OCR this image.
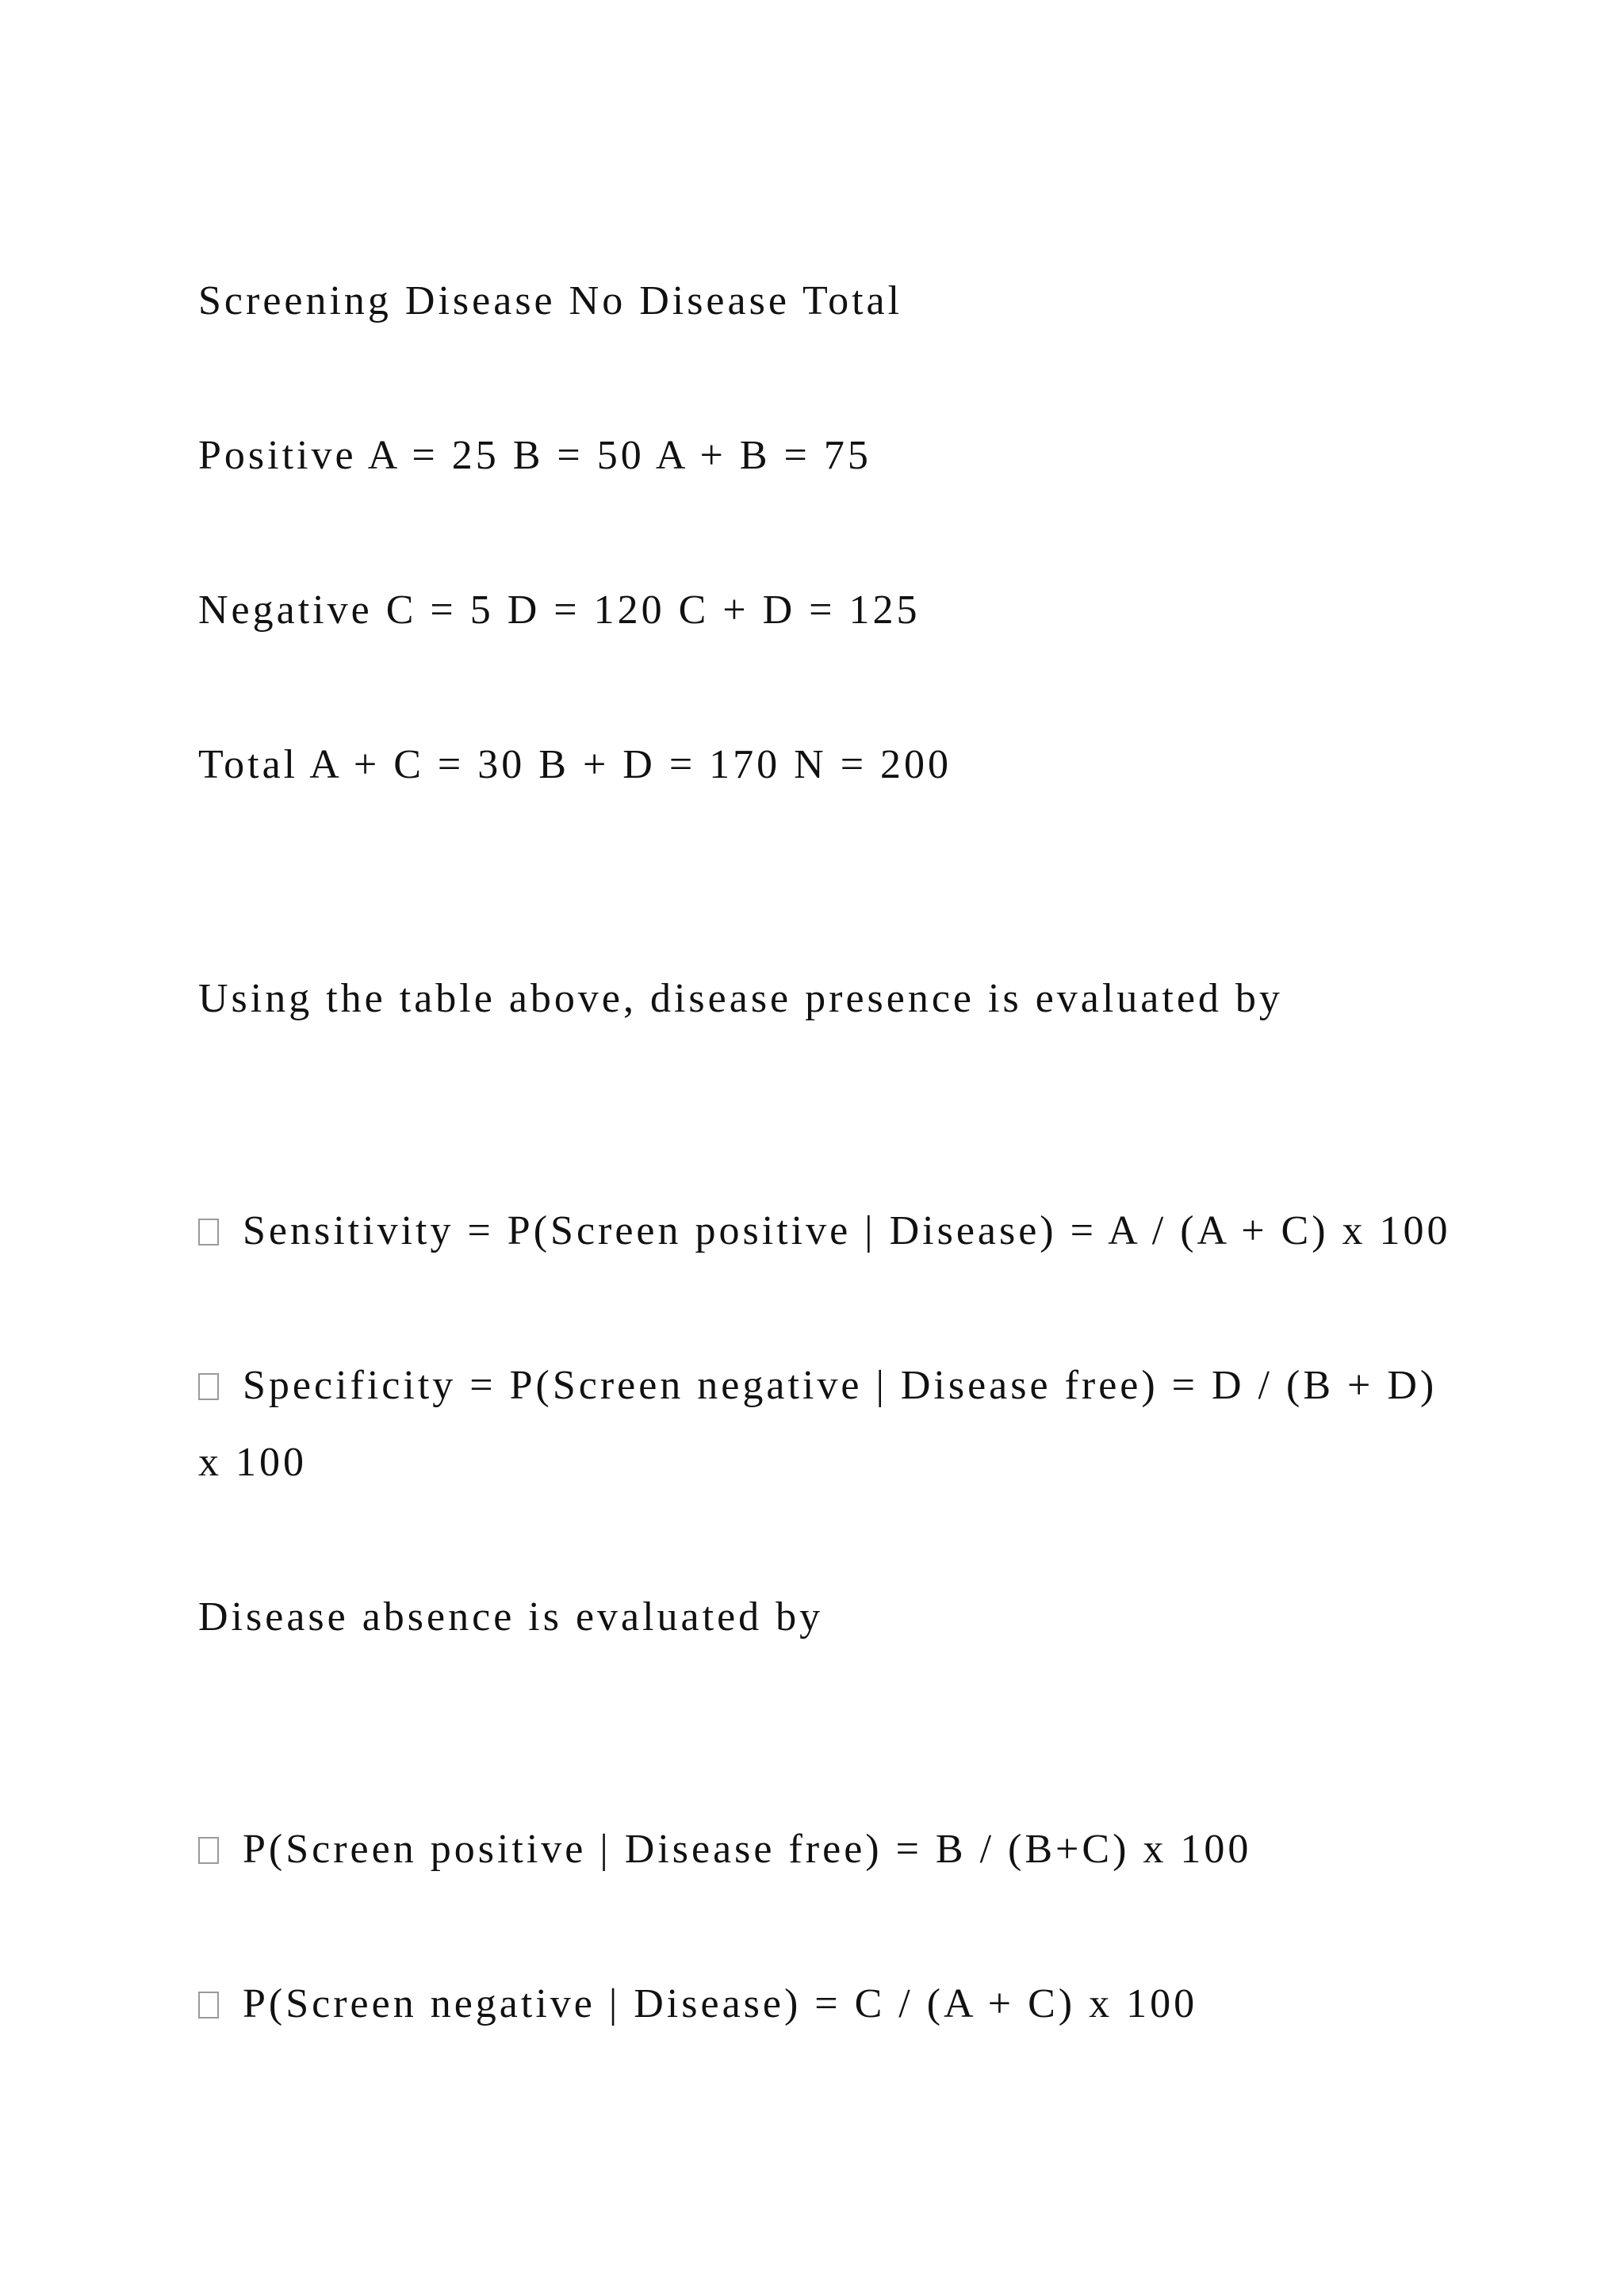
Screening Disease No Disease Total
Positive A = 25 B = 50 A + B = 75
Negative C = 5 D = 120 C + D = 125
Total A + C = 30 B + D = 170 N = 200
Using the table above, disease presence is evaluated by
Sensitivity = P(Screen positive | Disease) = A / (A + C) x 100
Specificity = P(Screen negative | Disease free) = D / (B + D)
x 100
Disease absence is evaluated by
P(Screen positive | Disease free) = B / (B+C) x 100
P(Screen negative | Disease) = C / (A + C) x 100
